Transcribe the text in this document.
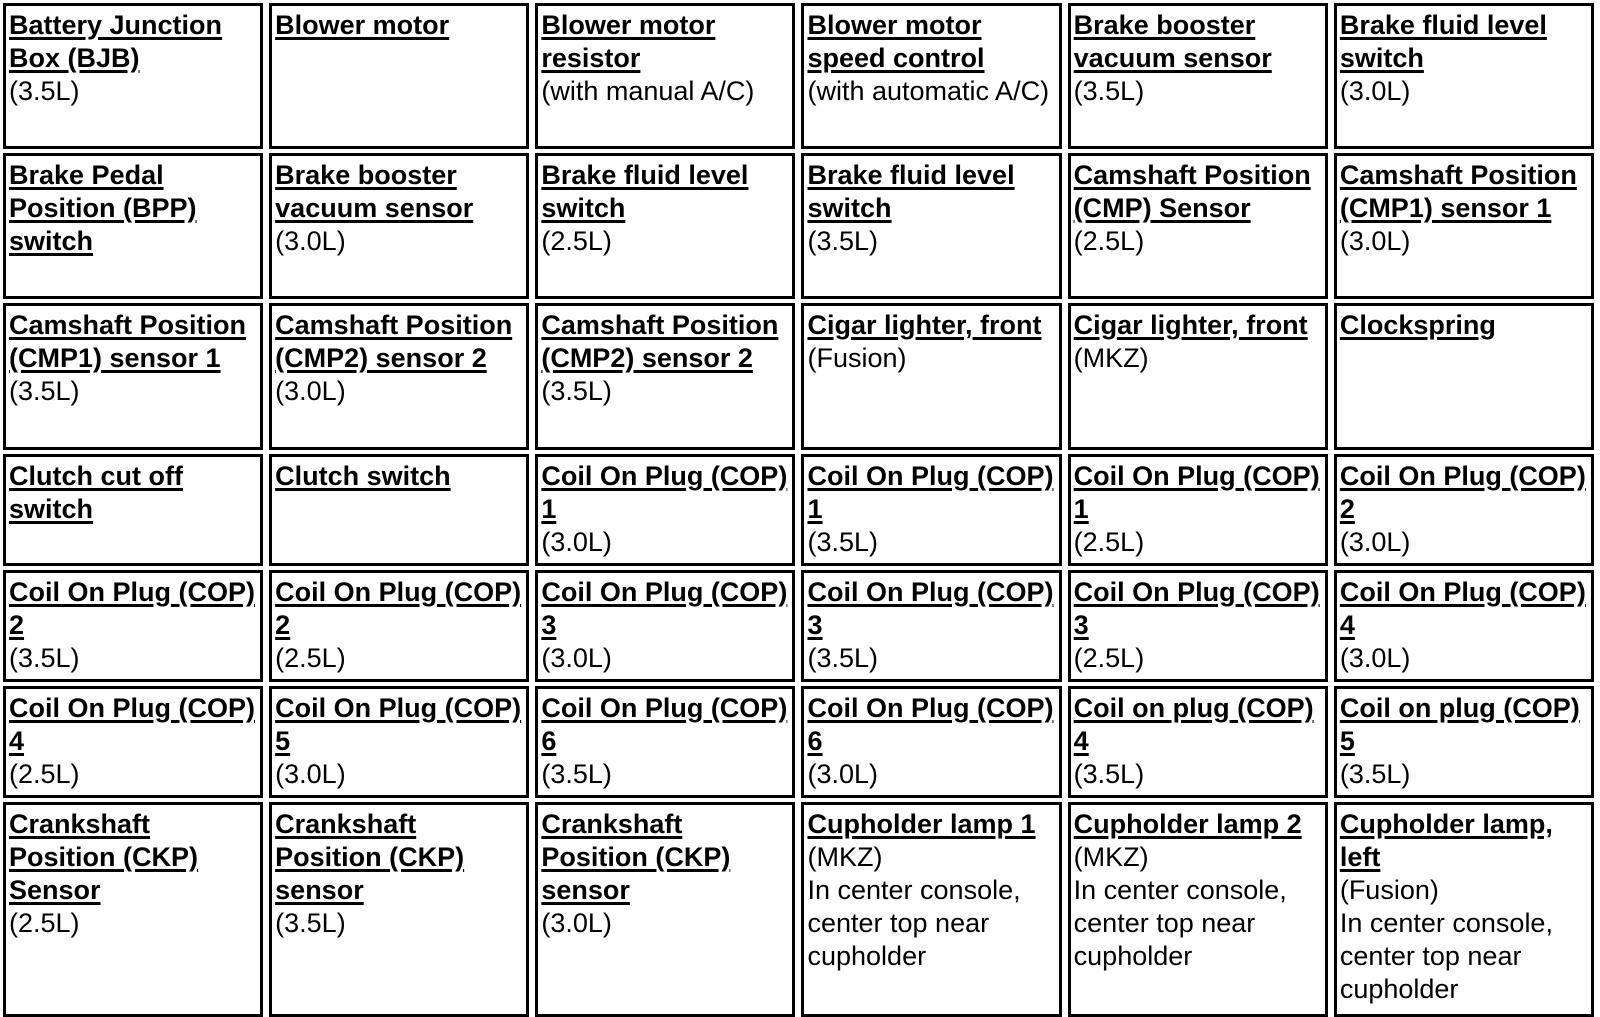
Battery Junction Box (BJB)
(3.5L)
Blower motor	Blower motor resistor
(with manual A/C)
Blower motor speed control
(with automatic A/C)
Brake booster vacuum sensor
(3.5L)
Brake fluid level switch
(3.0L)
Brake Pedal Position (BPP) switch
Brake booster vacuum sensor
(3.0L)
Brake fluid level switch
(2.5L)
Brake fluid level switch
(3.5L)
Camshaft Position (CMP) Sensor
(2.5L)
Camshaft Position (CMP1) sensor 1
(3.0L)
Camshaft Position (CMP1) sensor 1
(3.5L)
Camshaft Position (CMP2) sensor 2
(3.0L)
Camshaft Position (CMP2) sensor 2
(3.5L)
Cigar lighter, front
(Fusion)
Cigar lighter, front
(MKZ)
Clockspring
Clutch cut off switch
Clutch switch	Coil On Plug (COP) 1
(3.0L)
Coil On Plug (COP) 1
(3.5L)
Coil On Plug (COP) 1
(2.5L)
Coil On Plug (COP) 2
(3.0L)
Coil On Plug (COP) 2
(3.5L)
Coil On Plug (COP) 2
(2.5L)
Coil On Plug (COP) 3
(3.0L)
Coil On Plug (COP) 3
(3.5L)
Coil On Plug (COP) 3
(2.5L)
Coil On Plug (COP) 4
(3.0L)
Coil On Plug (COP) 4
(2.5L)
Coil On Plug (COP) 5
(3.0L)
Coil On Plug (COP) 6
(3.5L)
Coil On Plug (COP) 6
(3.0L)
Coil on plug (COP) 4
(3.5L)
Coil on plug (COP) 5
(3.5L)
Crankshaft Position (CKP) Sensor
(2.5L)
Crankshaft Position (CKP) sensor
(3.5L)
Crankshaft Position (CKP) sensor
(3.0L)
Cupholder lamp 1
(MKZ)
In center console, center top near cupholder
Cupholder lamp 2
(MKZ)
In center console, center top near cupholder
Cupholder lamp, left
(Fusion)
In center console, center top near cupholder
